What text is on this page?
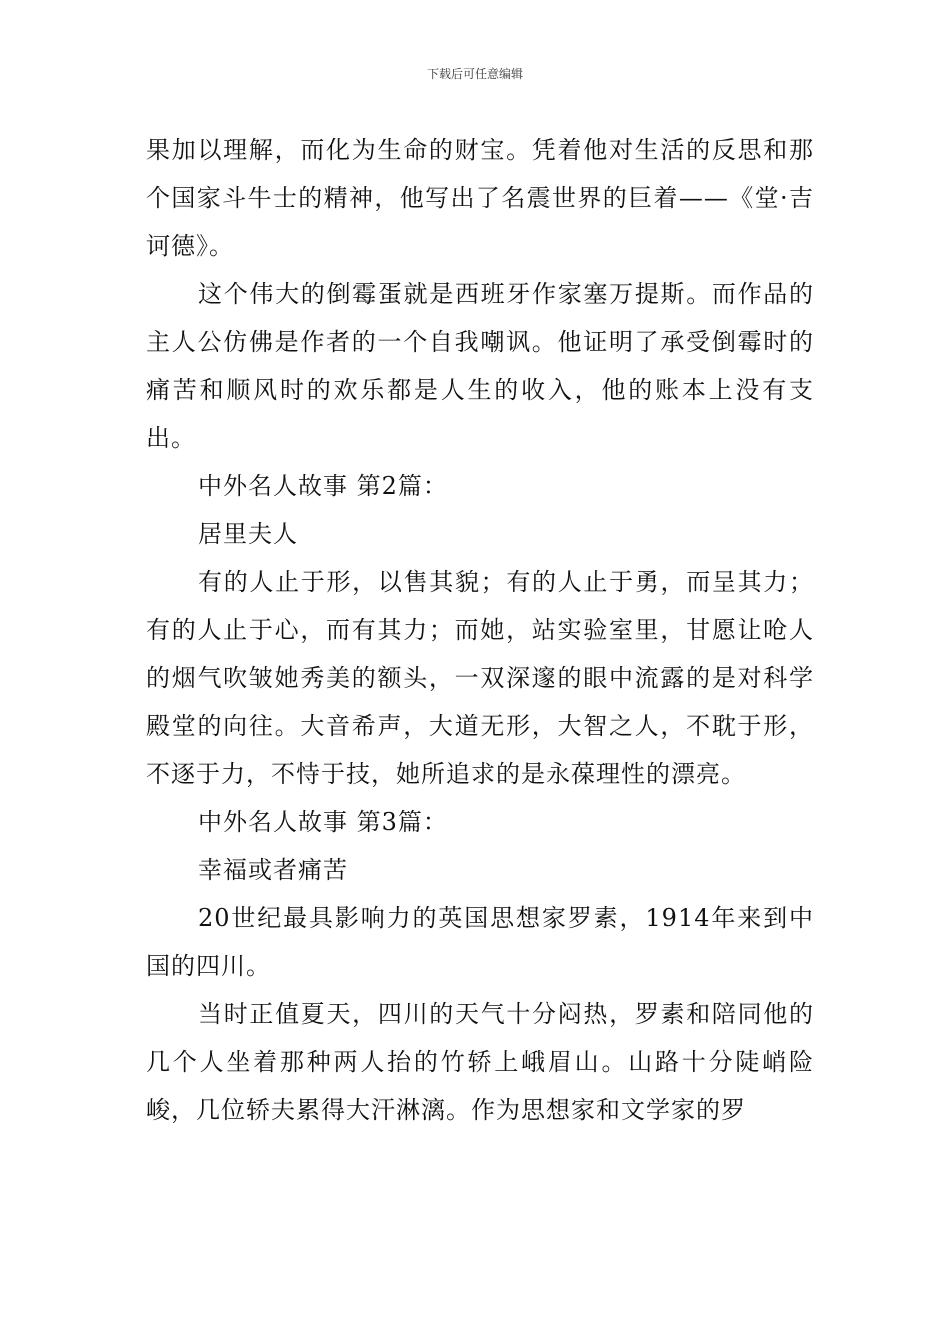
下载后可任意编辑

果加以理解，而化为生命的财宝。凭着他对生活的反思和那个国家斗牛士的精神，他写出了名震世界的巨着——《堂·吉诃德》。

这个伟大的倒霉蛋就是西班牙作家塞万提斯。而作品的主人公仿佛是作者的一个自我嘲讽。他证明了承受倒霉时的痛苦和顺风时的欢乐都是人生的收入，他的账本上没有支出。

中外名人故事 第2篇：

居里夫人

有的人止于形，以售其貌；有的人止于勇，而呈其力；有的人止于心，而有其力；而她，站实验室里，甘愿让呛人的烟气吹皱她秀美的额头，一双深邃的眼中流露的是对科学殿堂的向往。大音希声，大道无形，大智之人，不耽于形，不逐于力，不恃于技，她所追求的是永葆理性的漂亮。

中外名人故事 第3篇：

幸福或者痛苦

20世纪最具影响力的英国思想家罗素，1914年来到中国的四川。

当时正值夏天，四川的天气十分闷热，罗素和陪同他的几个人坐着那种两人抬的竹轿上峨眉山。山路十分陡峭险峻，几位轿夫累得大汗淋漓。作为思想家和文学家的罗
